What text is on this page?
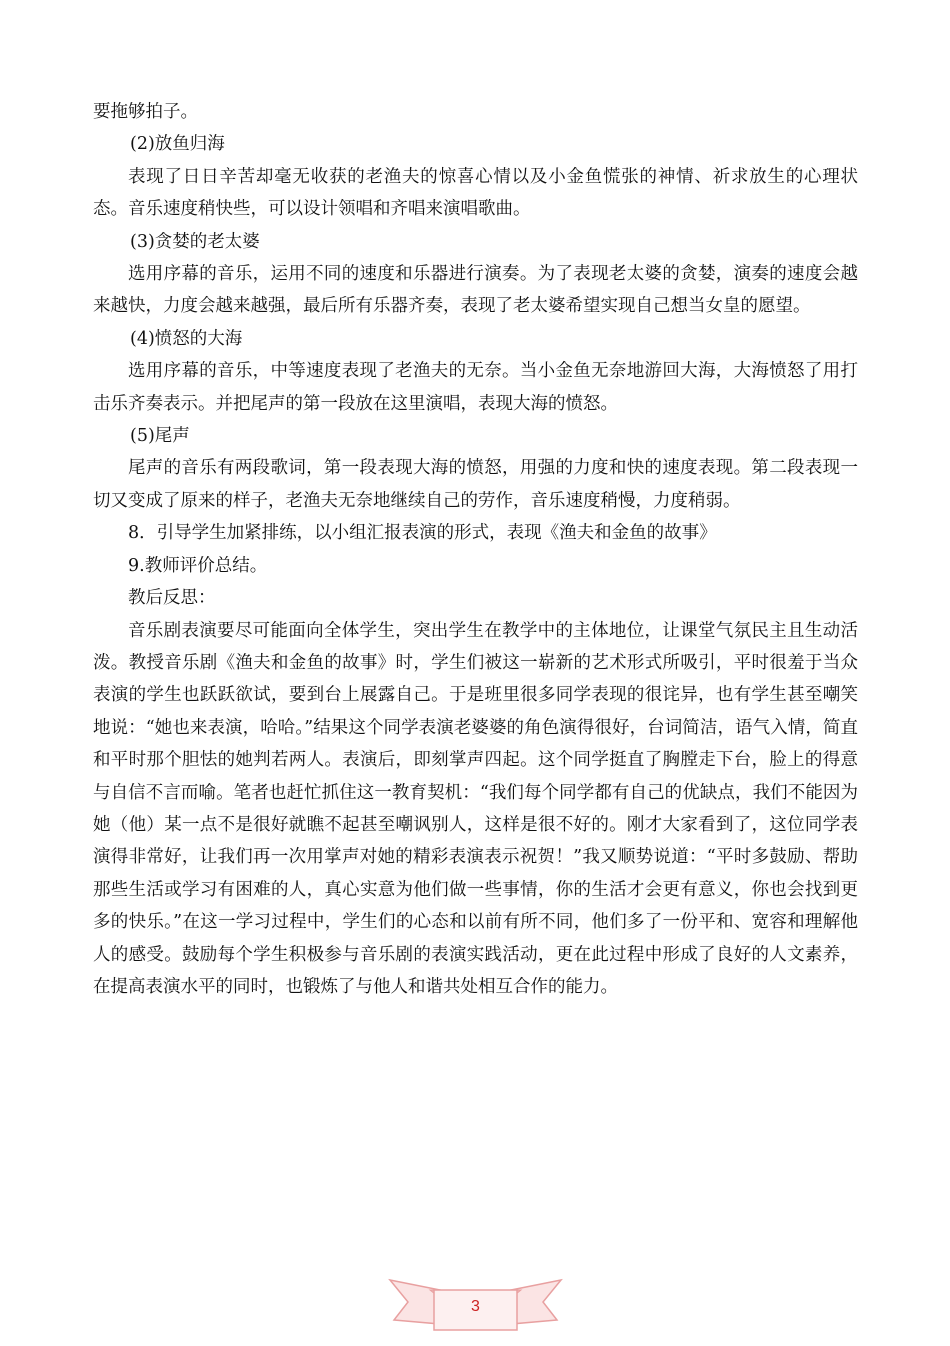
要拖够拍子。

(2)放鱼归海

表现了日日辛苦却毫无收获的老渔夫的惊喜心情以及小金鱼慌张的神情、祈求放生的心理状态。音乐速度稍快些，可以设计领唱和齐唱来演唱歌曲。

(3)贪婪的老太婆

选用序幕的音乐，运用不同的速度和乐器进行演奏。为了表现老太婆的贪婪，演奏的速度会越来越快，力度会越来越强，最后所有乐器齐奏，表现了老太婆希望实现自己想当女皇的愿望。

(4)愤怒的大海

选用序幕的音乐，中等速度表现了老渔夫的无奈。当小金鱼无奈地游回大海，大海愤怒了用打击乐齐奏表示。并把尾声的第一段放在这里演唱，表现大海的愤怒。

(5)尾声

尾声的音乐有两段歌词，第一段表现大海的愤怒，用强的力度和快的速度表现。第二段表现一切又变成了原来的样子，老渔夫无奈地继续自己的劳作，音乐速度稍慢，力度稍弱。

8．引导学生加紧排练，以小组汇报表演的形式，表现《渔夫和金鱼的故事》

9.教师评价总结。

教后反思：

音乐剧表演要尽可能面向全体学生，突出学生在教学中的主体地位，让课堂气氛民主且生动活泼。教授音乐剧《渔夫和金鱼的故事》时，学生们被这一崭新的艺术形式所吸引，平时很羞于当众表演的学生也跃跃欲试，要到台上展露自己。于是班里很多同学表现的很诧异，也有学生甚至嘲笑地说：“她也来表演，哈哈。”结果这个同学表演老婆婆的角色演得很好，台词简洁，语气入情，简直和平时那个胆怯的她判若两人。表演后，即刻掌声四起。这个同学挺直了胸膛走下台，脸上的得意与自信不言而喻。笔者也赶忙抓住这一教育契机：“我们每个同学都有自己的优缺点，我们不能因为她（他）某一点不是很好就瞧不起甚至嘲讽别人，这样是很不好的。刚才大家看到了，这位同学表演得非常好，让我们再一次用掌声对她的精彩表演表示祝贺！”我又顺势说道：“平时多鼓励、帮助那些生活或学习有困难的人，真心实意为他们做一些事情，你的生活才会更有意义，你也会找到更多的快乐。”在这一学习过程中，学生们的心态和以前有所不同，他们多了一份平和、宽容和理解他人的感受。鼓励每个学生积极参与音乐剧的表演实践活动，更在此过程中形成了良好的人文素养，在提高表演水平的同时，也锻炼了与他人和谐共处相互合作的能力。

3
